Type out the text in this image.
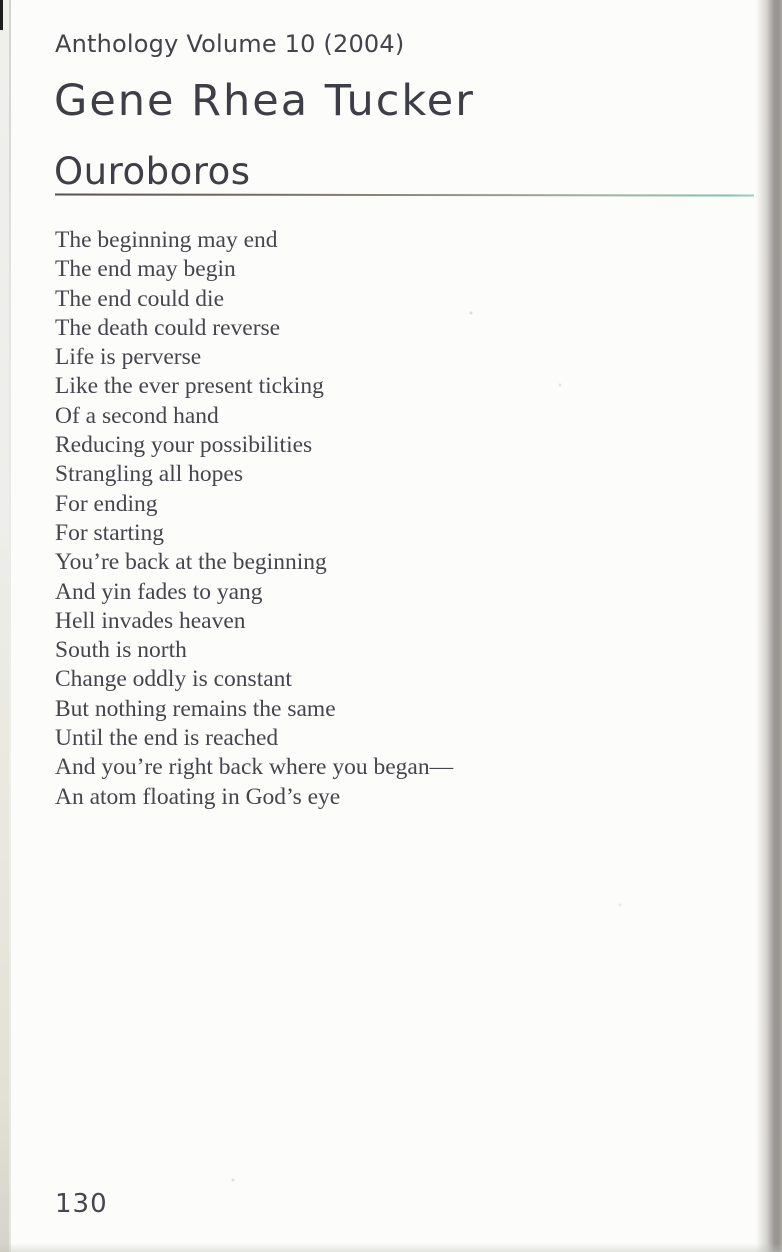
Anthology Volume 10 (2004)
Gene Rhea Tucker
Ouroboros
The beginning may end
The end may begin
The end could die
The death could reverse
Life is perverse
Like the ever present ticking
Of a second hand
Reducing your possibilities
Strangling all hopes
For ending
For starting
You’re back at the beginning
And yin fades to yang
Hell invades heaven
South is north
Change oddly is constant
But nothing remains the same
Until the end is reached
And you’re right back where you began—
An atom floating in God’s eye
130
